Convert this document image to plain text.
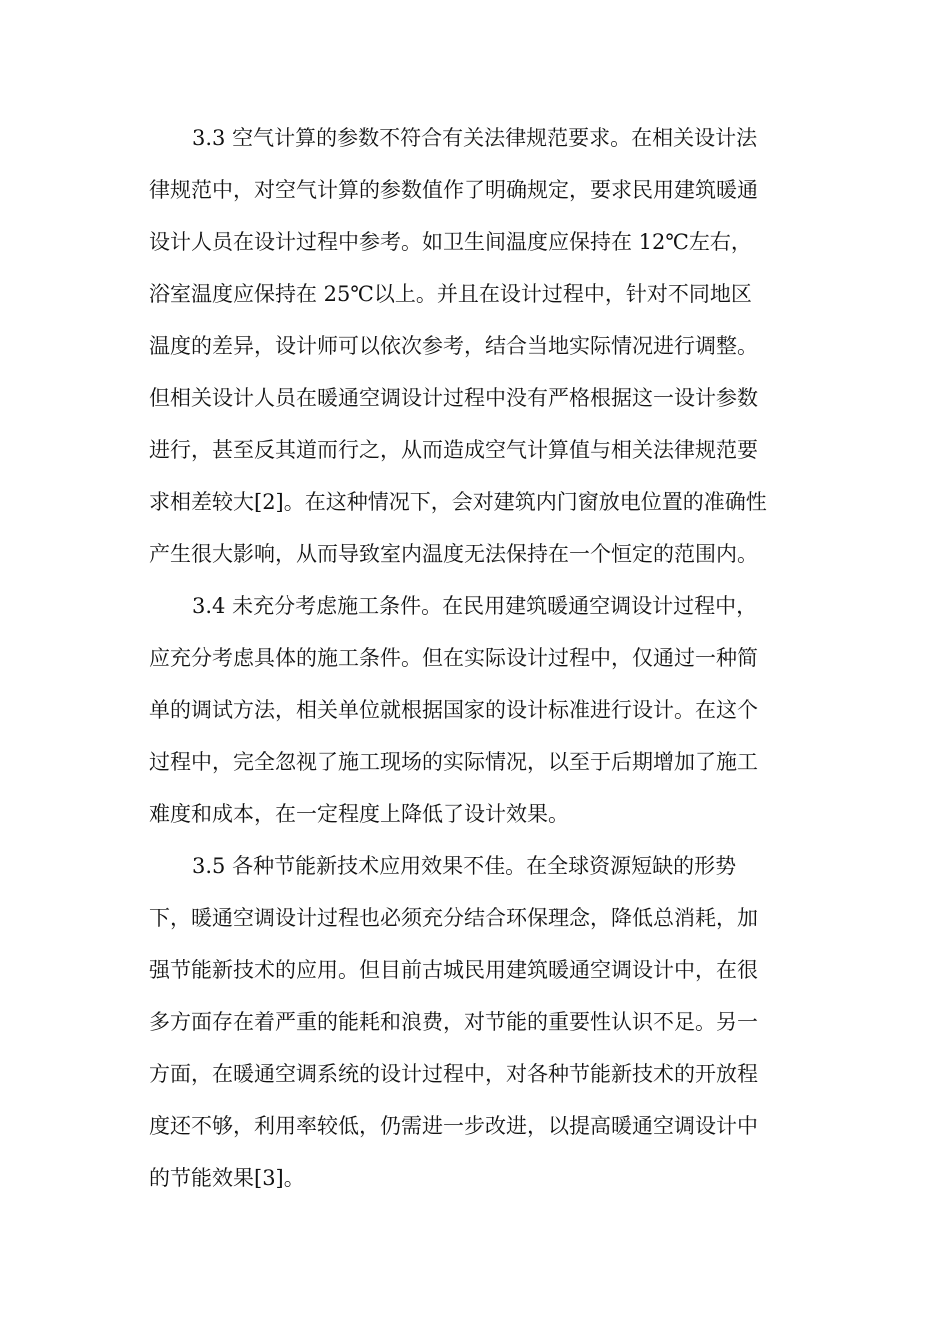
3.3 空气计算的参数不符合有关法律规范要求。在相关设计法
律规范中，对空气计算的参数值作了明确规定，要求民用建筑暖通
设计人员在设计过程中参考。如卫生间温度应保持在 12℃左右，
浴室温度应保持在 25℃以上。并且在设计过程中，针对不同地区
温度的差异，设计师可以依次参考，结合当地实际情况进行调整。
但相关设计人员在暖通空调设计过程中没有严格根据这一设计参数
进行，甚至反其道而行之，从而造成空气计算值与相关法律规范要
求相差较大[2]。在这种情况下，会对建筑内门窗放电位置的准确性
产生很大影响，从而导致室内温度无法保持在一个恒定的范围内。
3.4 未充分考虑施工条件。在民用建筑暖通空调设计过程中，
应充分考虑具体的施工条件。但在实际设计过程中，仅通过一种简
单的调试方法，相关单位就根据国家的设计标准进行设计。在这个
过程中，完全忽视了施工现场的实际情况，以至于后期增加了施工
难度和成本，在一定程度上降低了设计效果。
3.5 各种节能新技术应用效果不佳。在全球资源短缺的形势
下，暖通空调设计过程也必须充分结合环保理念，降低总消耗，加
强节能新技术的应用。但目前古城民用建筑暖通空调设计中，在很
多方面存在着严重的能耗和浪费，对节能的重要性认识不足。另一
方面，在暖通空调系统的设计过程中，对各种节能新技术的开放程
度还不够，利用率较低，仍需进一步改进，以提高暖通空调设计中
的节能效果[3]。
